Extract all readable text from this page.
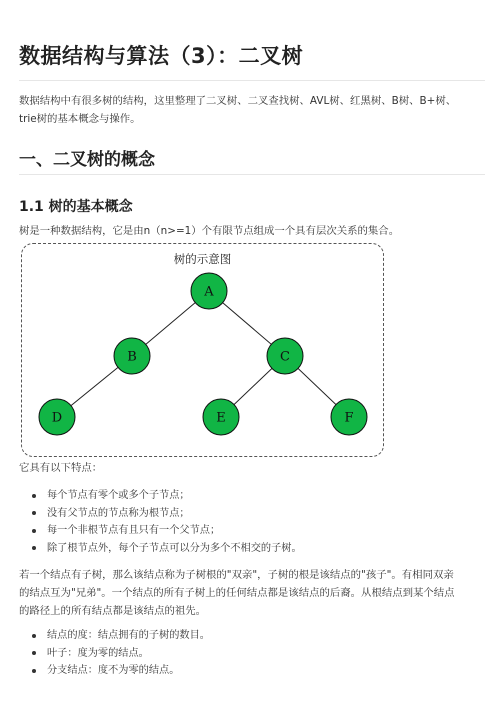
数据结构与算法（3）：二叉树
数据结构中有很多树的结构，这里整理了二叉树、二叉查找树、AVL树、红黑树、B树、B+树、
trie树的基本概念与操作。
一、二叉树的概念
1.1 树的基本概念
树是一种数据结构，它是由n（n>=1）个有限节点组成一个具有层次关系的集合。
树的示意图
A
B	C
D	E	F
它具有以下特点：
每个节点有零个或多个子节点；
没有父节点的节点称为根节点；
每一个非根节点有且只有一个父节点；
除了根节点外，每个子节点可以分为多个不相交的子树。
若一个结点有子树，那么该结点称为子树根的"双亲"，子树的根是该结点的"孩子"。有相同双亲
的结点互为"兄弟"。一个结点的所有子树上的任何结点都是该结点的后裔。从根结点到某个结点
的路径上的所有结点都是该结点的祖先。
结点的度：结点拥有的子树的数目。
叶子：度为零的结点。
分支结点：度不为零的结点。
